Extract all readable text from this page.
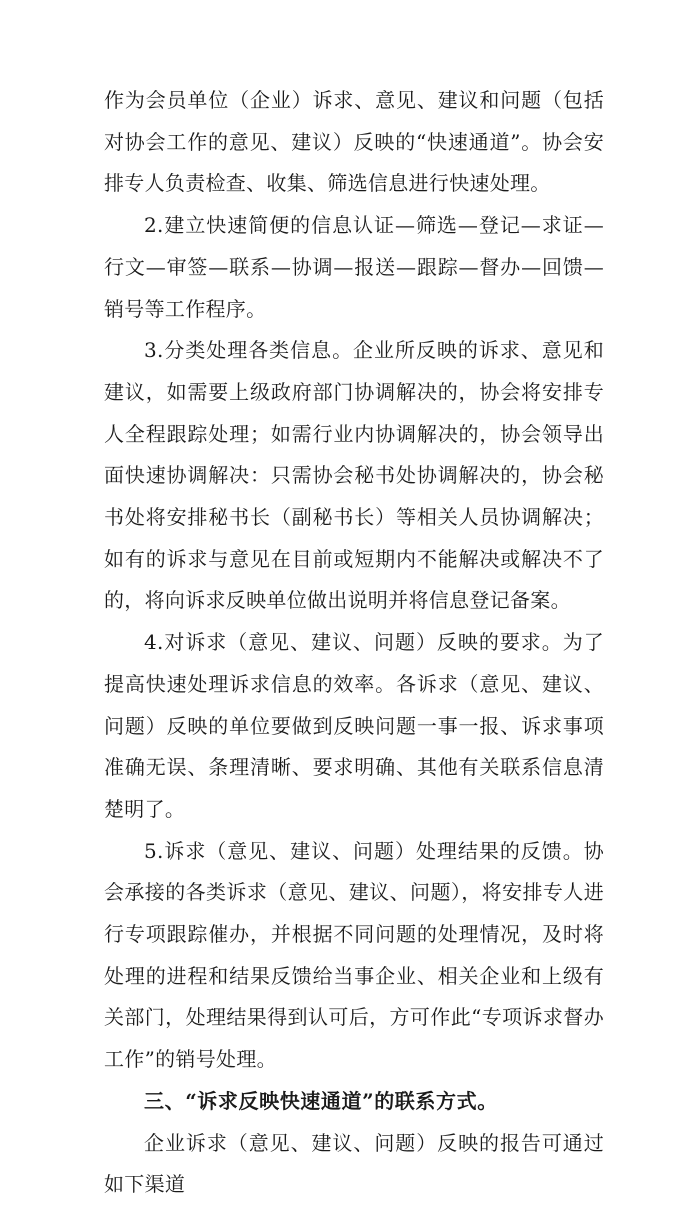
作为会员单位（企业）诉求、意见、建议和问题（包括对协会工作的意见、建议）反映的“快速通道”。协会安排专人负责检查、收集、筛选信息进行快速处理。

2.建立快速简便的信息认证—筛选—登记—求证—行文—审签—联系—协调—报送—跟踪—督办—回馈—销号等工作程序。

3.分类处理各类信息。企业所反映的诉求、意见和建议，如需要上级政府部门协调解决的，协会将安排专人全程跟踪处理；如需行业内协调解决的，协会领导出面快速协调解决：只需协会秘书处协调解决的，协会秘书处将安排秘书长（副秘书长）等相关人员协调解决；如有的诉求与意见在目前或短期内不能解决或解决不了的，将向诉求反映单位做出说明并将信息登记备案。

4.对诉求（意见、建议、问题）反映的要求。为了提高快速处理诉求信息的效率。各诉求（意见、建议、问题）反映的单位要做到反映问题一事一报、诉求事项准确无误、条理清晰、要求明确、其他有关联系信息清楚明了。

5.诉求（意见、建议、问题）处理结果的反馈。协会承接的各类诉求（意见、建议、问题），将安排专人进行专项跟踪催办，并根据不同问题的处理情况，及时将处理的进程和结果反馈给当事企业、相关企业和上级有关部门，处理结果得到认可后，方可作此“专项诉求督办工作”的销号处理。

三、“诉求反映快速通道”的联系方式。

企业诉求（意见、建议、问题）反映的报告可通过如下渠道
